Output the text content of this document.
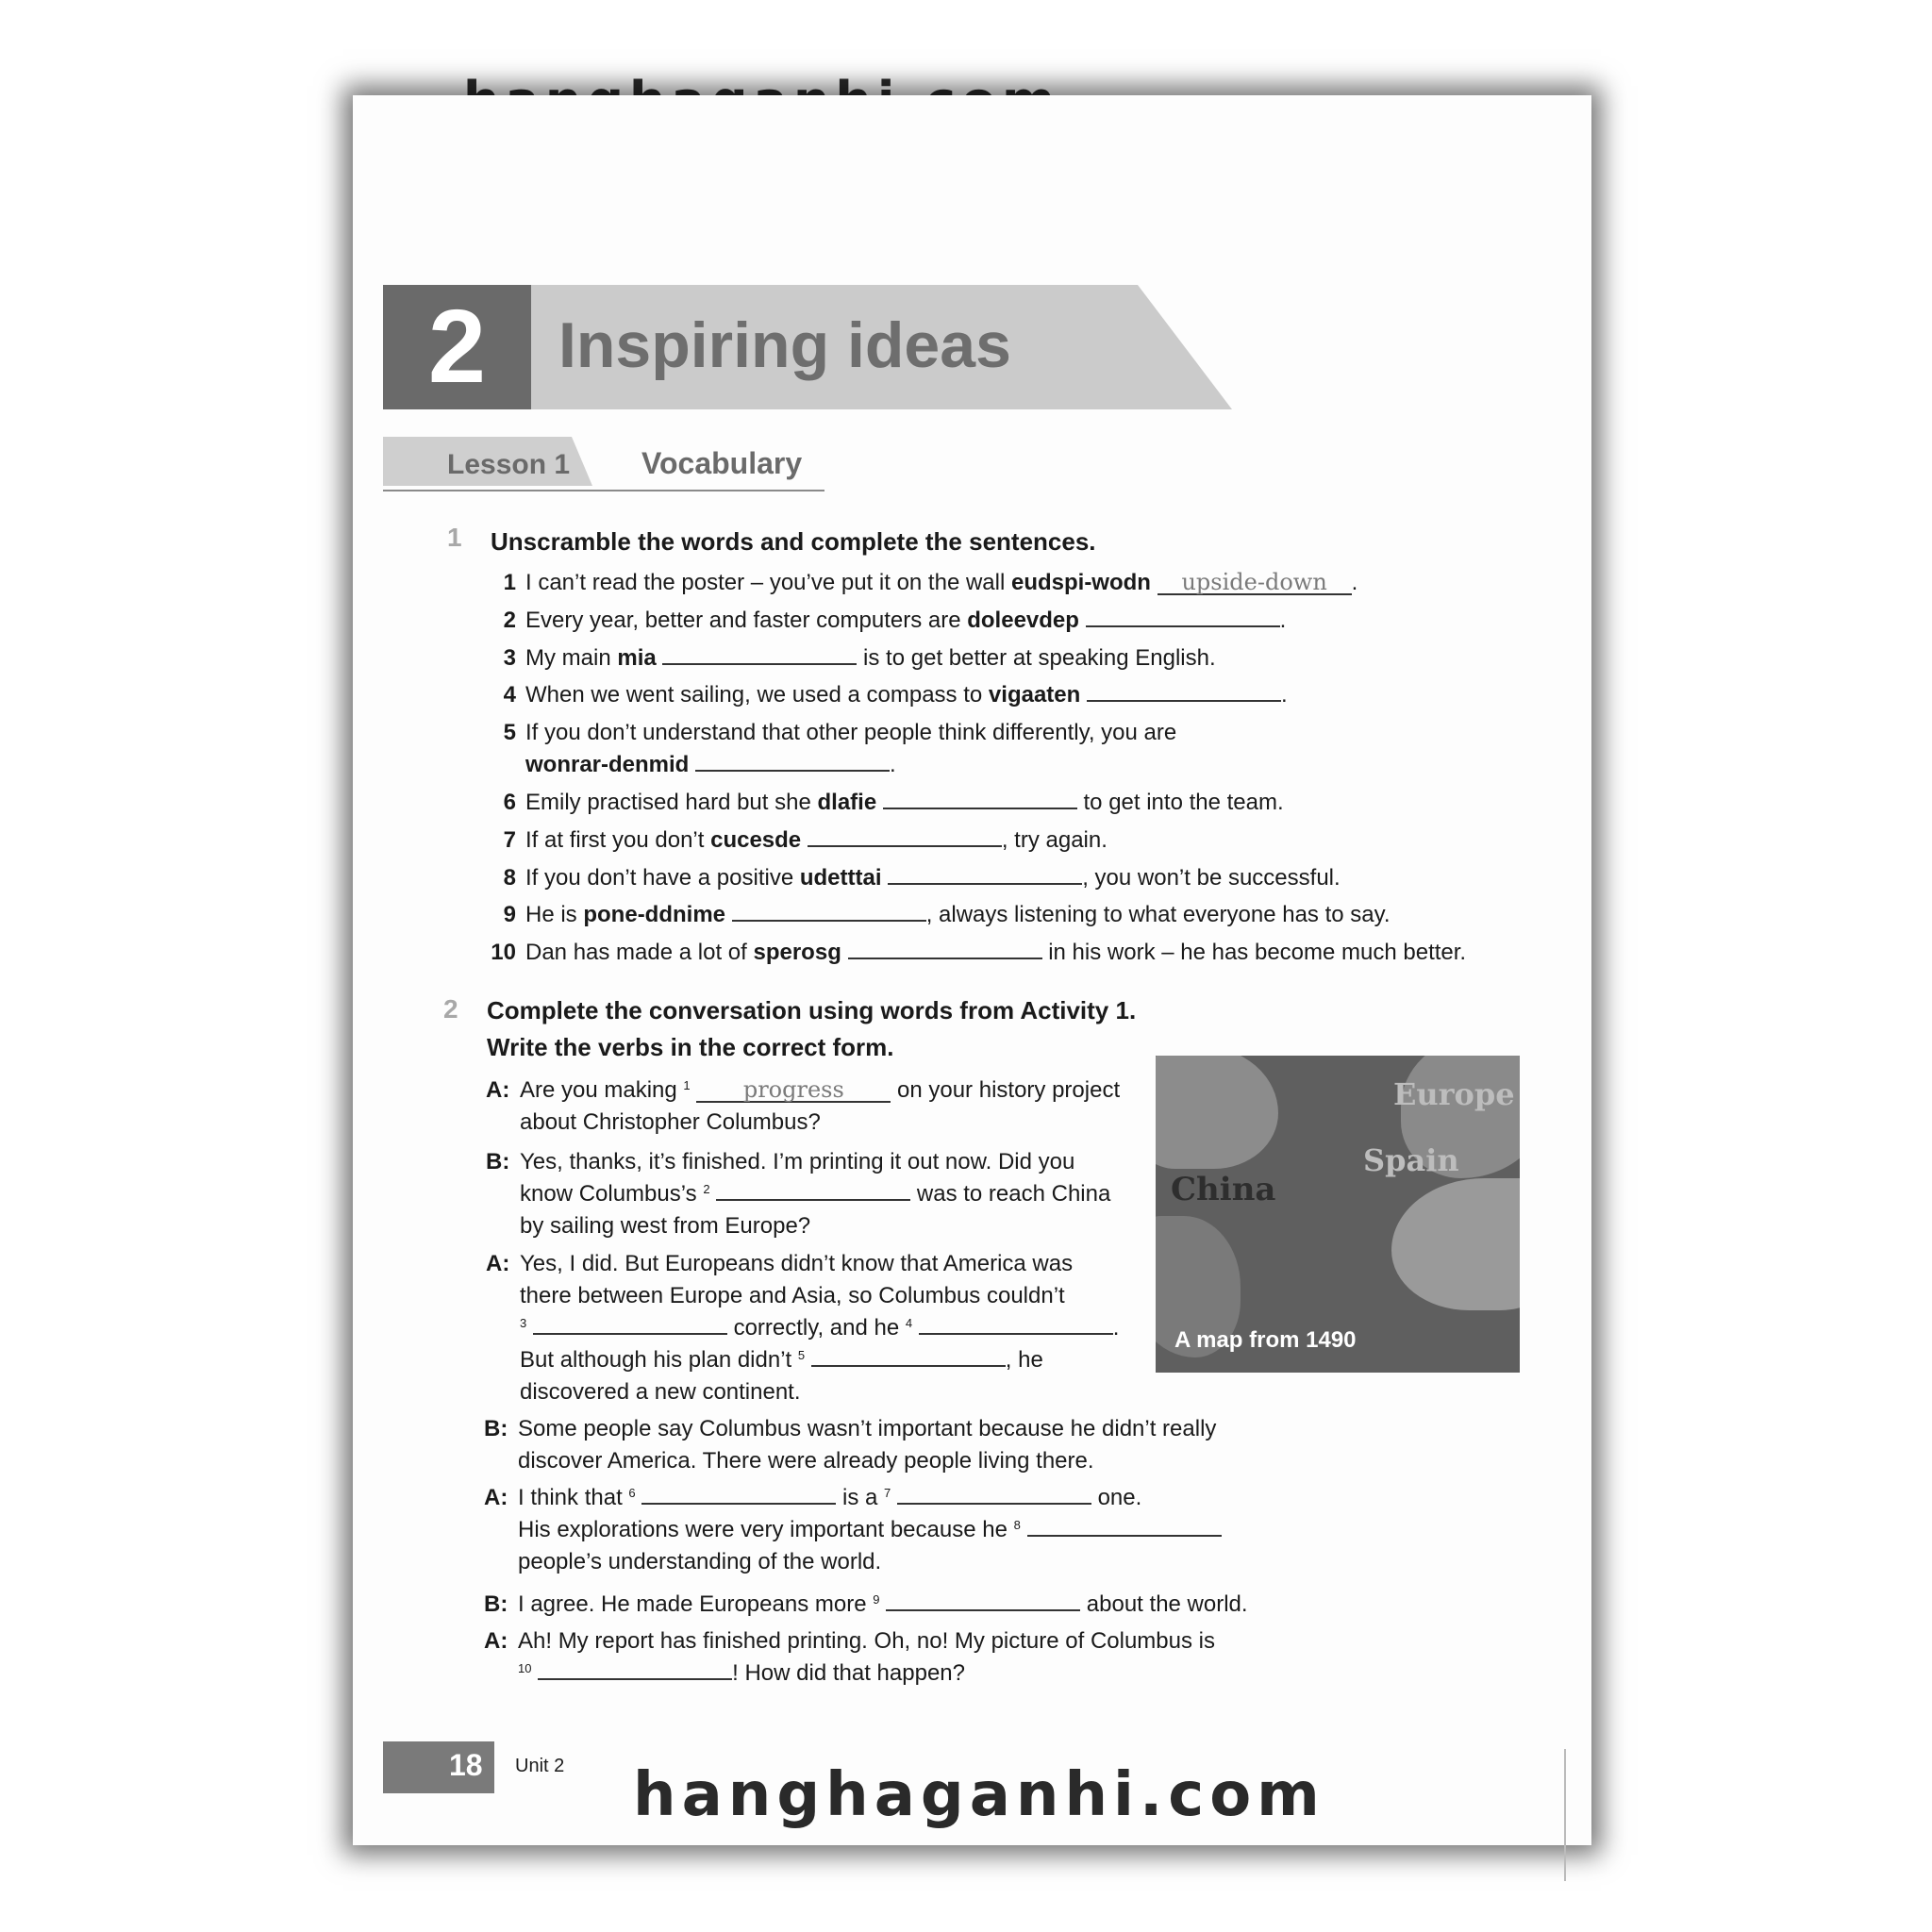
2	Inspiring ideas
Lesson 1 Vocabulary
1 Unscramble the words and complete the sentences.
1 I can’t read the poster – you’ve put it on the wall eudspi-wodn upside-down .
2 Every year, better and faster computers are doleevdep	.
3 My main mia	is to get better at speaking English.
4 When we went sailing, we used a compass to vigaaten	.
5 If you don’t understand that other people think differently, you are
wonrar-denmid	.
6 Emily practised hard but she dlafie	to get into the team.
7 If at first you don’t cucesde	, try again.
8 If you don’t have a positive udetttai	, you won’t be successful.
9 He is pone-ddnime	, always listening to what everyone has to say.
10 Dan has made a lot of sperosg	in his work – he has become much better.
2 Complete the conversation using words from Activity 1.
Write the verbs in the correct form.
A: Are you making $^1$ progress on your history project
about Christopher Columbus?
B: Yes, thanks, it’s finished. I’m printing it out now. Did you
know Columbus’s $^2$	was to reach China
by sailing west from Europe?
A: Yes, I did. But Europeans didn’t know that America was
there between Europe and Asia, so Columbus couldn’t
$^3$	correctly, and he $^4$	.
But although his plan didn’t $^5$	, he
discovered a new continent.
B: Some people say Columbus wasn’t important because he didn’t really
discover America. There were already people living there.
A: I think that $^6$	is a $^7$	one.
His explorations were very important because he $^8$
people’s understanding of the world.
B: I agree. He made Europeans more $^9$	about the world.
A: Ah! My report has finished printing. Oh, no! My picture of Columbus is
$^{10}$	! How did that happen?
Europe
Spain
China
A map from 1490
18 Unit 2 hanghaganhi.com
